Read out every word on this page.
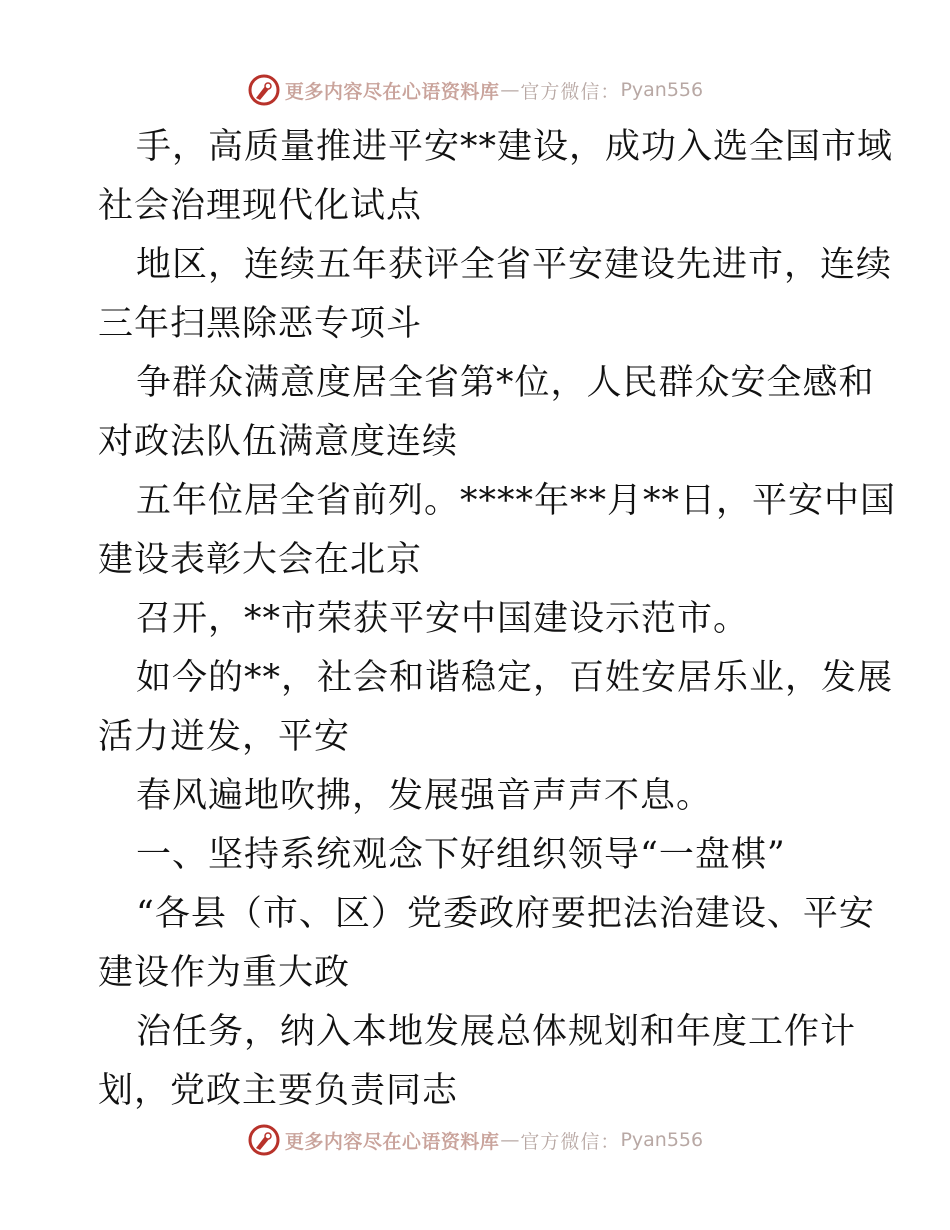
更多内容尽在心语资料库 — 官方微信： Pyan556
手，高质量推进平安**建设，成功入选全国市域
社会治理现代化试点
地区，连续五年获评全省平安建设先进市，连续
三年扫黑除恶专项斗
争群众满意度居全省第*位，人民群众安全感和
对政法队伍满意度连续
五年位居全省前列。****年**月**日，平安中国
建设表彰大会在北京
召开，**市荣获平安中国建设示范市。
如今的**，社会和谐稳定，百姓安居乐业，发展
活力迸发，平安
春风遍地吹拂，发展强音声声不息。
一、坚持系统观念下好组织领导“一盘棋”
“各县（市、区）党委政府要把法治建设、平安
建设作为重大政
治任务，纳入本地发展总体规划和年度工作计
划，党政主要负责同志
更多内容尽在心语资料库 — 官方微信： Pyan556
